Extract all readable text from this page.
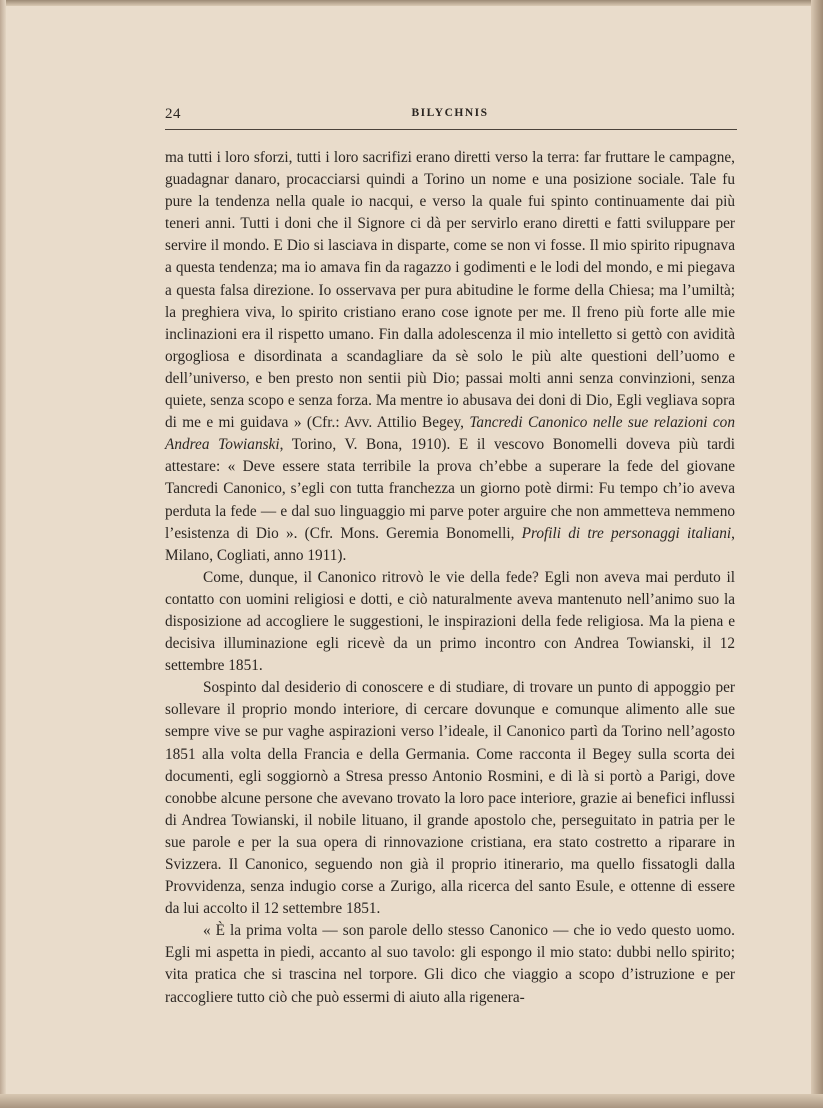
24	BILYCHNIS

ma tutti i loro sforzi, tutti i loro sacrifizi erano diretti verso la terra: far fruttare le campagne, guadagnar danaro, procacciarsi quindi a Torino un nome e una posizione sociale. Tale fu pure la tendenza nella quale io nacqui, e verso la quale fui spinto continuamente dai più teneri anni. Tutti i doni che il Signore ci dà per servirlo erano diretti e fatti sviluppare per servire il mondo. E Dio si lasciava in disparte, come se non vi fosse. Il mio spirito ripugnava a questa tendenza; ma io amava fin da ragazzo i godimenti e le lodi del mondo, e mi piegava a questa falsa direzione. Io osservava per pura abitudine le forme della Chiesa; ma l’umiltà; la preghiera viva, lo spirito cristiano erano cose ignote per me. Il freno più forte alle mie inclinazioni era il rispetto umano. Fin dalla adolescenza il mio intelletto si gettò con avidità orgogliosa e disordinata a scandagliare da sè solo le più alte questioni dell’uomo e dell’universo, e ben presto non sentii più Dio; passai molti anni senza convinzioni, senza quiete, senza scopo e senza forza. Ma mentre io abusava dei doni di Dio, Egli vegliava sopra di me e mi guidava » (Cfr.: Avv. Attilio Begey, Tancredi Canonico nelle sue relazioni con Andrea Towianski, Torino, V. Bona, 1910). E il vescovo Bonomelli doveva più tardi attestare: « Deve essere stata terribile la prova ch’ebbe a superare la fede del giovane Tancredi Canonico, s’egli con tutta franchezza un giorno potè dirmi: Fu tempo ch’io aveva perduta la fede — e dal suo linguaggio mi parve poter arguire che non ammetteva nemmeno l’esistenza di Dio ». (Cfr. Mons. Geremia Bonomelli, Profili di tre personaggi italiani, Milano, Cogliati, anno 1911).

Come, dunque, il Canonico ritrovò le vie della fede? Egli non aveva mai perduto il contatto con uomini religiosi e dotti, e ciò naturalmente aveva mantenuto nell’animo suo la disposizione ad accogliere le suggestioni, le inspirazioni della fede religiosa. Ma la piena e decisiva illuminazione egli ricevè da un primo incontro con Andrea Towianski, il 12 settembre 1851.

Sospinto dal desiderio di conoscere e di studiare, di trovare un punto di appoggio per sollevare il proprio mondo interiore, di cercare dovunque e comunque alimento alle sue sempre vive se pur vaghe aspirazioni verso l’ideale, il Canonico partì da Torino nell’agosto 1851 alla volta della Francia e della Germania. Come racconta il Begey sulla scorta dei documenti, egli soggiornò a Stresa presso Antonio Rosmini, e di là si portò a Parigi, dove conobbe alcune persone che avevano trovato la loro pace interiore, grazie ai benefici influssi di Andrea Towianski, il nobile lituano, il grande apostolo che, perseguitato in patria per le sue parole e per la sua opera di rinnovazione cristiana, era stato costretto a riparare in Svizzera. Il Canonico, seguendo non già il proprio itinerario, ma quello fissatogli dalla Provvidenza, senza indugio corse a Zurigo, alla ricerca del santo Esule, e ottenne di essere da lui accolto il 12 settembre 1851.

« È la prima volta — son parole dello stesso Canonico — che io vedo questo uomo. Egli mi aspetta in piedi, accanto al suo tavolo: gli espongo il mio stato: dubbi nello spirito; vita pratica che si trascina nel torpore. Gli dico che viaggio a scopo d’istruzione e per raccogliere tutto ciò che può essermi di aiuto alla rigenera-
